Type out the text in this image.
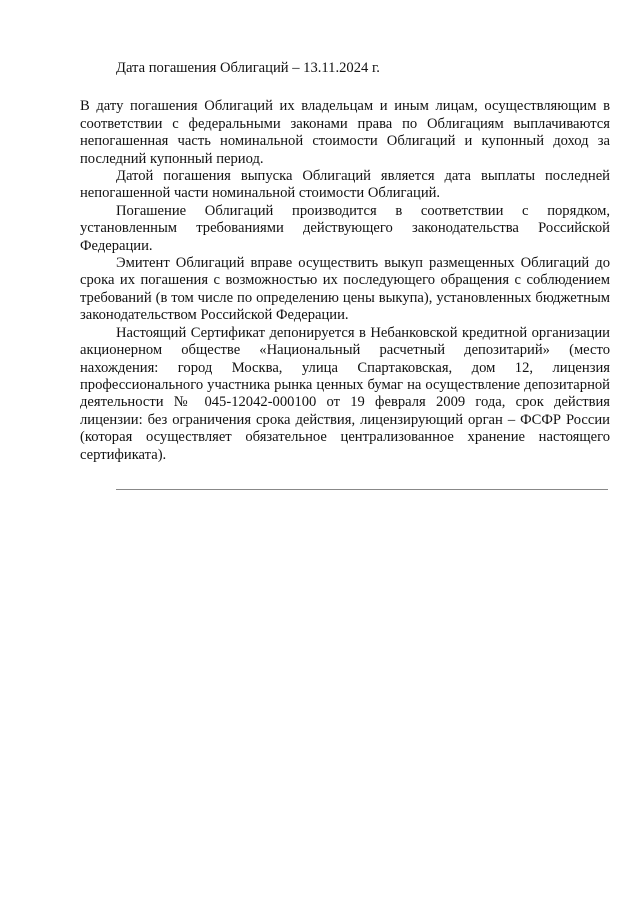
Дата погашения Облигаций – 13.11.2024 г.

В дату погашения Облигаций их владельцам и иным лицам, осуществляющим в соответствии с федеральными законами права по Облигациям выплачиваются непогашенная часть номинальной стоимости Облигаций и купонный доход за последний купонный период.

Датой погашения выпуска Облигаций является дата выплаты последней непогашенной части номинальной стоимости Облигаций.

Погашение Облигаций производится в соответствии с порядком, установленным требованиями действующего законодательства Российской Федерации.

Эмитент Облигаций вправе осуществить выкуп размещенных Облигаций до срока их погашения с возможностью их последующего обращения с соблюдением требований (в том числе по определению цены выкупа), установленных бюджетным законодательством Российской Федерации.

Настоящий Сертификат депонируется в Небанковской кредитной организации акционерном обществе «Национальный расчетный депозитарий» (место нахождения: город Москва, улица Спартаковская, дом 12, лицензия профессионального участника рынка ценных бумаг на осуществление депозитарной деятельности № 045-12042-000100 от 19 февраля 2009 года, срок действия лицензии: без ограничения срока действия, лицензирующий орган – ФСФР России (которая осуществляет обязательное централизованное хранение настоящего сертификата).
